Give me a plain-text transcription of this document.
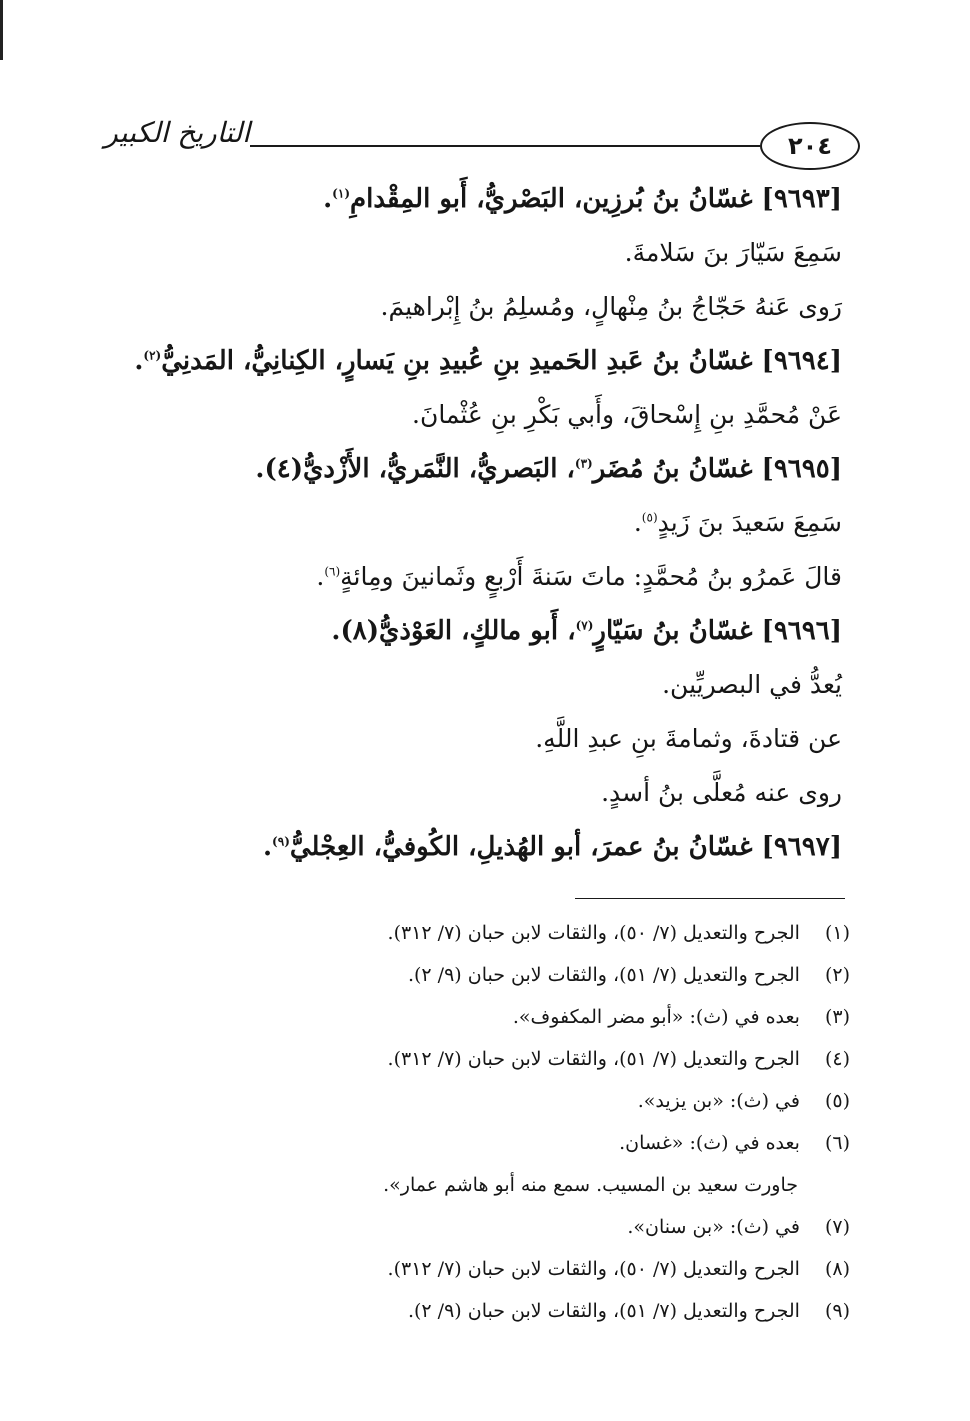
٢٠٤
التاريخ الكبير
[٩٦٩٣] غسّانُ بنُ بُرزِين، البَصْريُّ، أَبو المِقْدامِ$^{(١)}$.
سَمِعَ سَيّارَ بنَ سَلامةَ.
رَوى عَنهُ حَجّاجُ بنُ مِنْهالٍ، ومُسلِمُ بنُ إِبْراهيمَ.
[٩٦٩٤] غسّانُ بنُ عَبدِ الحَميدِ بنِ عُبيدِ بنِ يَسارٍ، الكِنانِيُّ، المَدنِيُّ$^{(٢)}$.
عَنْ مُحمَّدِ بنِ إِسْحاقَ، وأَبي بَكْرِ بنِ عُثْمانَ.
[٩٦٩٥] غسّانُ بنُ مُضَر$^{(٣)}$، البَصريُّ، النَّمَريُّ، الأَزْديُّ(٤).
سَمِعَ سَعيدَ بنَ زَيدٍ$^{(٥)}$.
قالَ عَمرُو بنُ مُحمَّدٍ: ماتَ سَنةَ أَرْبعٍ وثَمانينَ ومِائةٍ$^{(٦)}$.
[٩٦٩٦] غسّانُ بنُ سَيّارٍ$^{(٧)}$، أَبو مالكٍ، العَوْذيُّ(٨).
يُعدُّ في البصريِّين.
عن قتادةَ، وثمامةَ بنِ عبدِ اللَّهِ.
روى عنه مُعلَّى بنُ أسدٍ.
[٩٦٩٧] غسّانُ بنُ عمرَ، أبو الهُذيلِ، الكُوفيُّ، العِجْليُّ$^{(٩)}$.
(١) الجرح والتعديل (٧/ ٥٠)، والثقات لابن حبان (٧/ ٣١٢).
(٢) الجرح والتعديل (٧/ ٥١)، والثقات لابن حبان (٩/ ٢).
(٣) بعده في (ث): «أبو مضر المكفوف».
(٤) الجرح والتعديل (٧/ ٥١)، والثقات لابن حبان (٧/ ٣١٢).
(٥) في (ث): «بن يزيد».
(٦) بعده في (ث): «غسان.
جاورت سعيد بن المسيب. سمع منه أبو هاشم عمار».
(٧) في (ث): «بن سنان».
(٨) الجرح والتعديل (٧/ ٥٠)، والثقات لابن حبان (٧/ ٣١٢).
(٩) الجرح والتعديل (٧/ ٥١)، والثقات لابن حبان (٩/ ٢).
